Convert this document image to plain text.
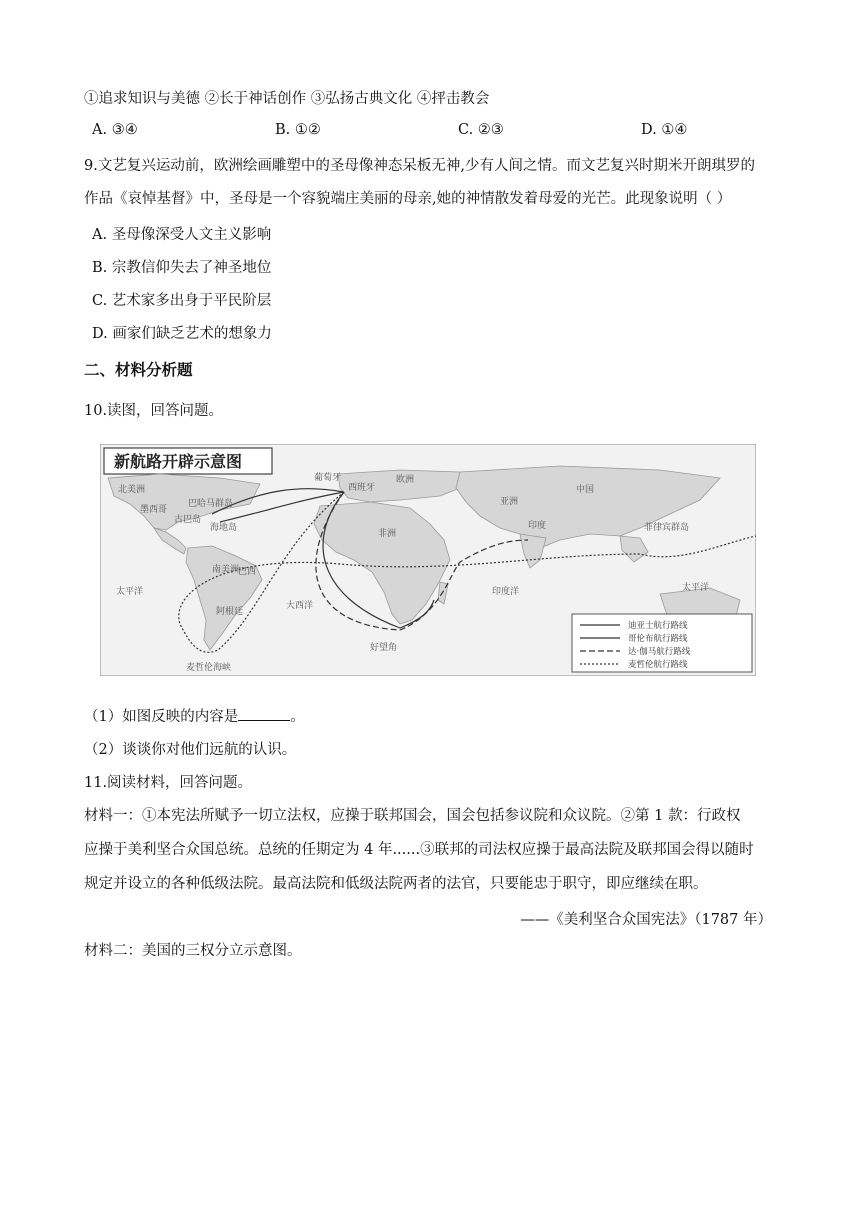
①追求知识与美德 ②长于神话创作 ③弘扬古典文化 ④抨击教会
A. ③④	B. ①②	C. ②③	D. ①④
9.文艺复兴运动前，欧洲绘画雕塑中的圣母像神态呆板无神,少有人间之情。而文艺复兴时期米开朗琪罗的
作品《哀悼基督》中，圣母是一个容貌端庄美丽的母亲,她的神情散发着母爱的光芒。此现象说明（ ）
A. 圣母像深受人文主义影响
B. 宗教信仰失去了神圣地位
C. 艺术家多出身于平民阶层
D. 画家们缺乏艺术的想象力
二、材料分析题
10.读图，回答问题。
新航路开辟示意图
北美洲
墨西哥
巴哈马群岛
古巴岛
海地岛
葡萄牙
西班牙
欧洲
亚洲
中国
印度
非洲
南美洲
巴西
阿根廷
菲律宾群岛
好望角
麦哲伦海峡
太平洋
大西洋
印度洋	太平洋
迪亚士航行路线
哥伦布航行路线
达·伽马航行路线
麦哲伦航行路线
（1）如图反映的内容是	。
（2）谈谈你对他们远航的认识。
11.阅读材料，回答问题。
材料一：①本宪法所赋予一切立法权，应操于联邦国会，国会包括参议院和众议院。②第 1 款：行政权
应操于美利坚合众国总统。总统的任期定为 4 年......③联邦的司法权应操于最高法院及联邦国会得以随时
规定并设立的各种低级法院。最高法院和低级法院两者的法官，只要能忠于职守，即应继续在职。
——《美利坚合众国宪法》（1787 年）
材料二：美国的三权分立示意图。
